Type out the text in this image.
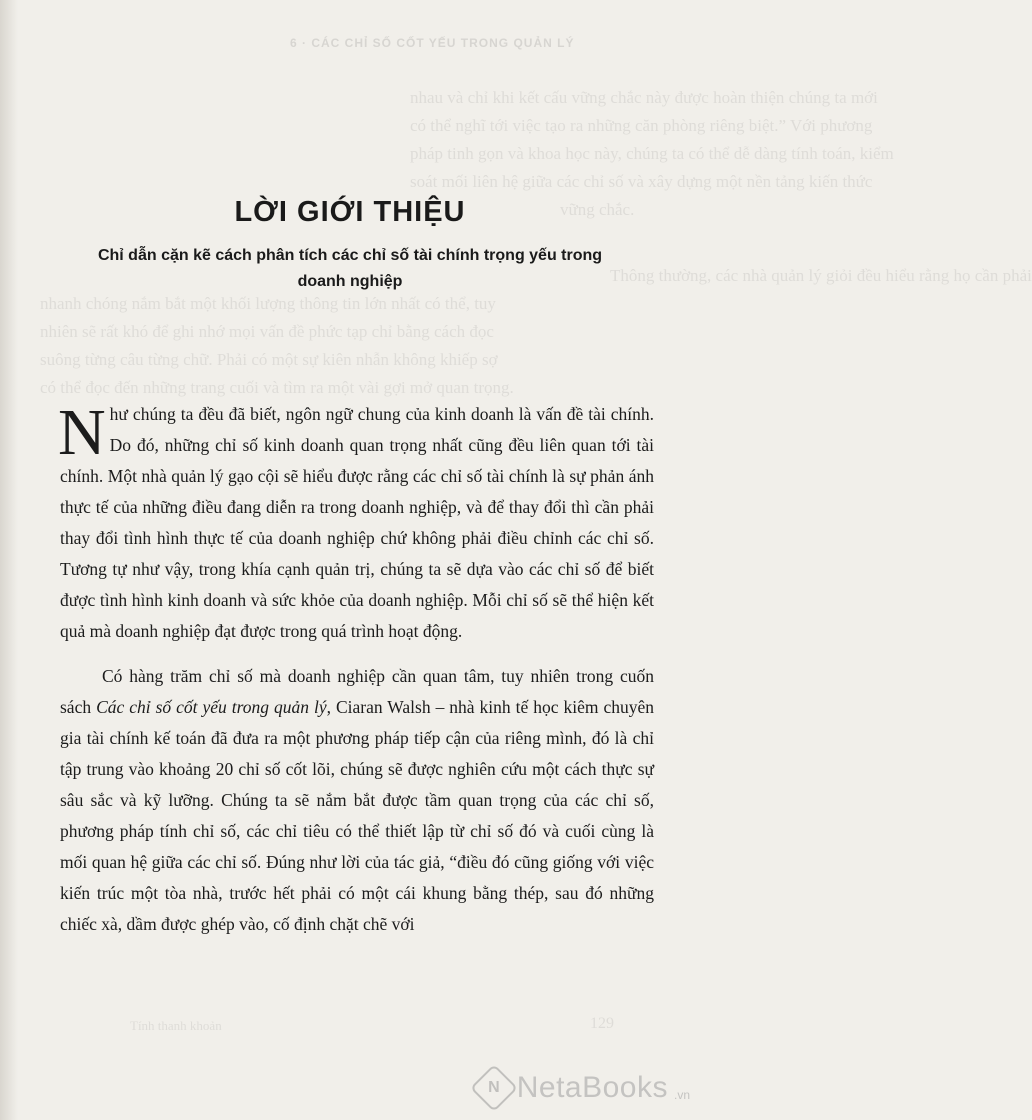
6 · CÁC CHỈ SỐ CỐT YẾU TRONG QUẢN LÝ
nhau và chỉ khi kết cấu vững chắc này được hoàn thiện chúng ta mới
có thể nghĩ tới việc tạo ra những căn phòng riêng biệt.” Với phương
pháp tinh gọn và khoa học này, chúng ta có thể dễ dàng tính toán, kiểm
soát mối liên hệ giữa các chỉ số và xây dựng một nền tảng kiến thức
vững chắc.
Thông thường, các nhà quản lý giỏi đều hiểu rằng họ cần phải
nhanh chóng nắm bắt một khối lượng thông tin lớn nhất có thể, tuy
nhiên sẽ rất khó để ghi nhớ mọi vấn đề phức tạp chỉ bằng cách đọc
suông từng câu từng chữ. Phải có một sự kiên nhẫn không khiếp sợ
có thể đọc đến những trang cuối và tìm ra một vài gợi mở quan trọng.
Tính thanh khoản	129
LỜI GIỚI THIỆU
Chỉ dẫn cặn kẽ cách phân tích các chỉ số tài chính trọng yếu trong doanh nghiệp

Như chúng ta đều đã biết, ngôn ngữ chung của kinh doanh là vấn đề tài chính. Do đó, những chỉ số kinh doanh quan trọng nhất cũng đều liên quan tới tài chính. Một nhà quản lý gạo cội sẽ hiểu được rằng các chỉ số tài chính là sự phản ánh thực tế của những điều đang diễn ra trong doanh nghiệp, và để thay đổi thì cần phải thay đổi tình hình thực tế của doanh nghiệp chứ không phải điều chỉnh các chỉ số. Tương tự như vậy, trong khía cạnh quản trị, chúng ta sẽ dựa vào các chỉ số để biết được tình hình kinh doanh và sức khỏe của doanh nghiệp. Mỗi chỉ số sẽ thể hiện kết quả mà doanh nghiệp đạt được trong quá trình hoạt động.

Có hàng trăm chỉ số mà doanh nghiệp cần quan tâm, tuy nhiên trong cuốn sách Các chỉ số cốt yếu trong quản lý, Ciaran Walsh – nhà kinh tế học kiêm chuyên gia tài chính kế toán đã đưa ra một phương pháp tiếp cận của riêng mình, đó là chỉ tập trung vào khoảng 20 chỉ số cốt lõi, chúng sẽ được nghiên cứu một cách thực sự sâu sắc và kỹ lưỡng. Chúng ta sẽ nắm bắt được tầm quan trọng của các chỉ số, phương pháp tính chỉ số, các chỉ tiêu có thể thiết lập từ chỉ số đó và cuối cùng là mối quan hệ giữa các chỉ số. Đúng như lời của tác giả, “điều đó cũng giống với việc kiến trúc một tòa nhà, trước hết phải có một cái khung bằng thép, sau đó những chiếc xà, dầm được ghép vào, cố định chặt chẽ với

N NetaBooks .vn
